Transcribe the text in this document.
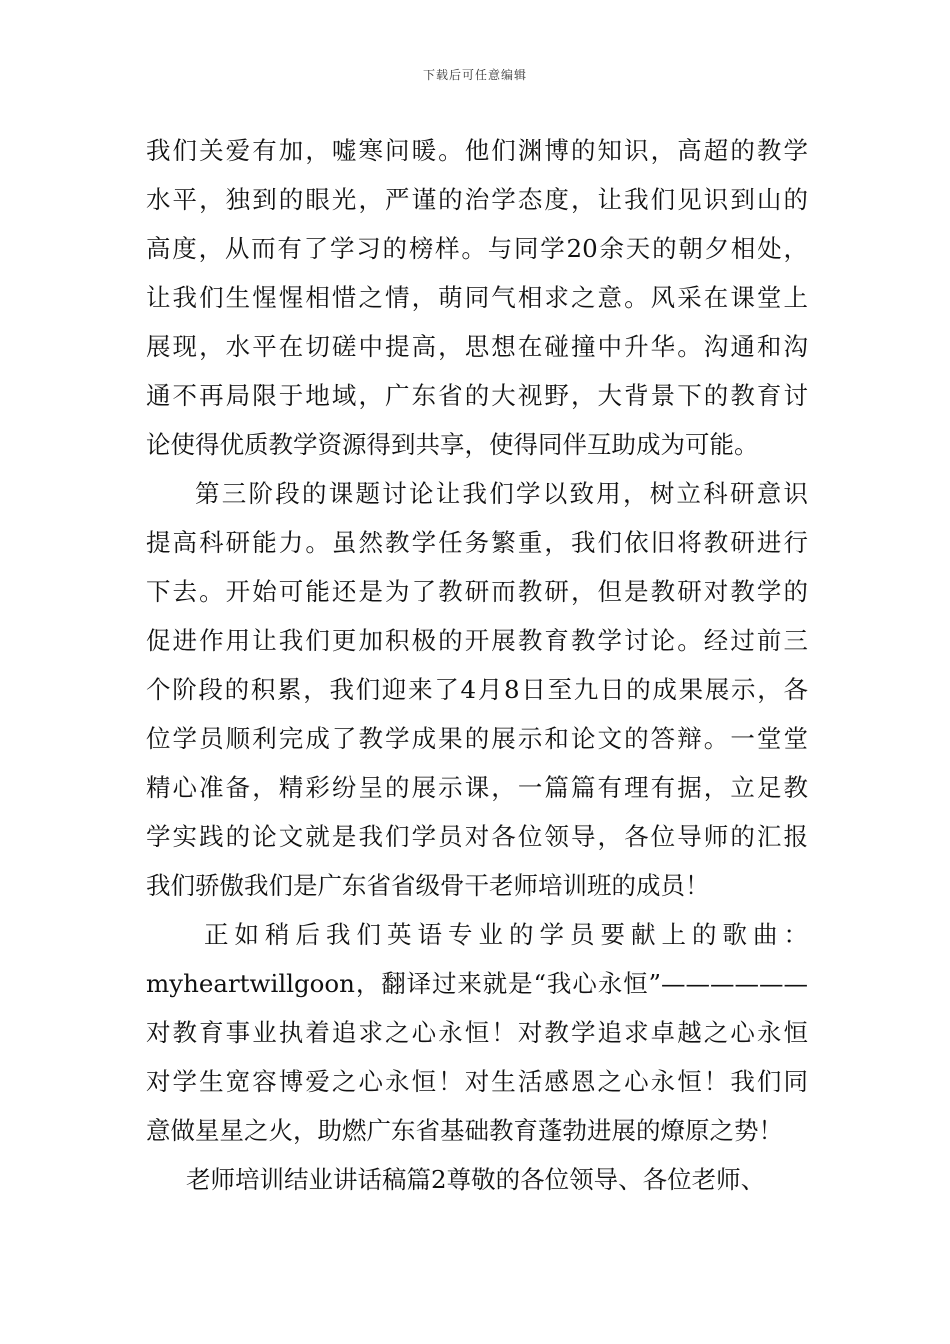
下载后可任意编辑
我们关爱有加，嘘寒问暖。他们渊博的知识，高超的教学
水平，独到的眼光，严谨的治学态度，让我们见识到山的
高度，从而有了学习的榜样。与同学20余天的朝夕相处，
让我们生惺惺相惜之情，萌同气相求之意。风采在课堂上
展现，水平在切磋中提高，思想在碰撞中升华。沟通和沟
通不再局限于地域，广东省的大视野，大背景下的教育讨
论使得优质教学资源得到共享，使得同伴互助成为可能。
第三阶段的课题讨论让我们学以致用，树立科研意识
提高科研能力。虽然教学任务繁重，我们依旧将教研进行
下去。开始可能还是为了教研而教研，但是教研对教学的
促进作用让我们更加积极的开展教育教学讨论。经过前三
个阶段的积累，我们迎来了4月8日至九日的成果展示，各
位学员顺利完成了教学成果的展示和论文的答辩。一堂堂
精心准备，精彩纷呈的展示课，一篇篇有理有据，立足教
学实践的论文就是我们学员对各位领导，各位导师的汇报
我们骄傲我们是广东省省级骨干老师培训班的成员！
正如稍后我们英语专业的学员要献上的歌曲：
myheartwillgoon，翻译过来就是“我心永恒”——————
对教育事业执着追求之心永恒！对教学追求卓越之心永恒
对学生宽容博爱之心永恒！对生活感恩之心永恒！我们同
意做星星之火，助燃广东省基础教育蓬勃进展的燎原之势！
老师培训结业讲话稿篇2尊敬的各位领导、各位老师、
